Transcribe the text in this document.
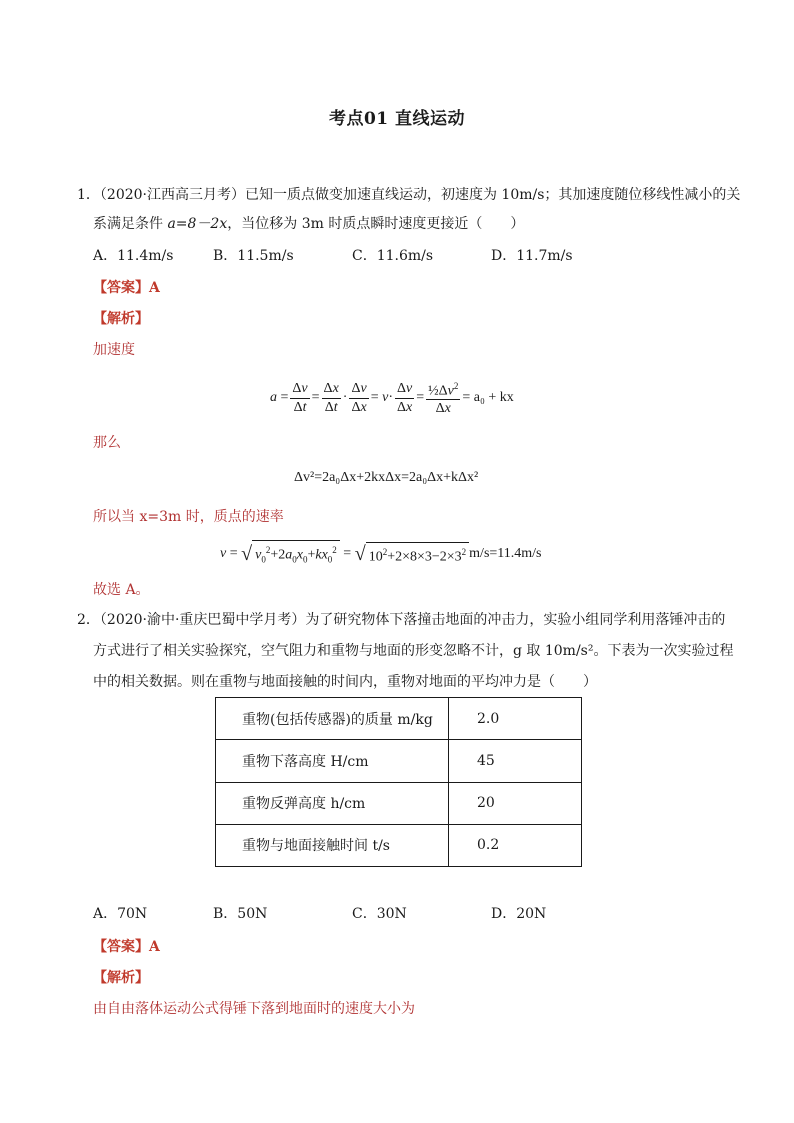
考点01 直线运动
1．（2020·江西高三月考）已知一质点做变加速直线运动，初速度为 10m/s；其加速度随位移线性减小的关
系满足条件 a=8－2x，当位移为 3m 时质点瞬时速度更接近（　　）
A．11.4m/s	B．11.5m/s	C．11.6m/s	D．11.7m/s
【答案】A
【解析】
加速度
$a = \frac{\Delta v}{\Delta t} = \frac{\Delta x}{\Delta t} \cdot \frac{\Delta v}{\Delta x} = v \cdot \frac{\Delta v}{\Delta x} = \frac{\frac{1}{2}\Delta v^2}{\Delta x} = a_0$ + kx
那么
Δv²=2a₀Δx+2kxΔx=2a₀Δx+kΔx²
所以当 x=3m 时，质点的速率
v = √ $v_0^2+2a_0x_0+kx_0^2$ = √ $10^2+2\times 8\times 3-2\times 3^2$ m/s=11.4m/s
故选 A。
2．（2020·渝中·重庆巴蜀中学月考）为了研究物体下落撞击地面的冲击力，实验小组同学利用落锤冲击的
方式进行了相关实验探究，空气阻力和重物与地面的形变忽略不计，g 取 10m/s²。下表为一次实验过程
中的相关数据。则在重物与地面接触的时间内，重物对地面的平均冲力是（　　）
重物(包括传感器)的质量 m/kg	2.0
重物下落高度 H/cm	45
重物反弹高度 h/cm	20
重物与地面接触时间 t/s	0.2
A．70N	B．50N	C．30N	D．20N
【答案】A
【解析】
由自由落体运动公式得锤下落到地面时的速度大小为
